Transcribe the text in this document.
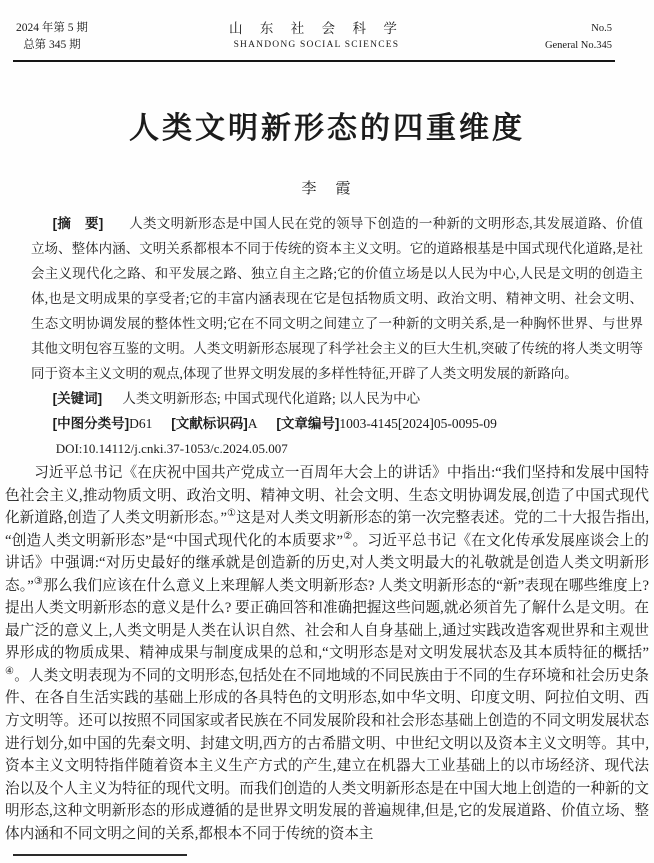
2024 年第 5 期
总第 345 期
山 东 社 会 科 学
SHANDONG SOCIAL SCIENCES
No.5
General No.345
人类文明新形态的四重维度
李　霞

[摘　要] 人类文明新形态是中国人民在党的领导下创造的一种新的文明形态,其发展道路、价值立场、整体内涵、文明关系都根本不同于传统的资本主义文明。它的道路根基是中国式现代化道路,是社会主义现代化之路、和平发展之路、独立自主之路;它的价值立场是以人民为中心,人民是文明的创造主体,也是文明成果的享受者;它的丰富内涵表现在它是包括物质文明、政治文明、精神文明、社会文明、生态文明协调发展的整体性文明;它在不同文明之间建立了一种新的文明关系,是一种胸怀世界、与世界其他文明包容互鉴的文明。人类文明新形态展现了科学社会主义的巨大生机,突破了传统的将人类文明等同于资本主义文明的观点,体现了世界文明发展的多样性特征,开辟了人类文明发展的新路向。

[关键词] 人类文明新形态; 中国式现代化道路; 以人民为中心

[中图分类号]D61 [文献标识码]A [文章编号]1003-4145[2024]05-0095-09

DOI:10.14112/j.cnki.37-1053/c.2024.05.007

习近平总书记《在庆祝中国共产党成立一百周年大会上的讲话》中指出:“我们坚持和发展中国特色社会主义,推动物质文明、政治文明、精神文明、社会文明、生态文明协调发展,创造了中国式现代化新道路,创造了人类文明新形态。”①这是对人类文明新形态的第一次完整表述。党的二十大报告指出,“创造人类文明新形态”是“中国式现代化的本质要求”②。习近平总书记《在文化传承发展座谈会上的讲话》中强调:“对历史最好的继承就是创造新的历史,对人类文明最大的礼敬就是创造人类文明新形态。”③那么我们应该在什么意义上来理解人类文明新形态? 人类文明新形态的“新”表现在哪些维度上? 提出人类文明新形态的意义是什么? 要正确回答和准确把握这些问题,就必须首先了解什么是文明。在最广泛的意义上,人类文明是人类在认识自然、社会和人自身基础上,通过实践改造客观世界和主观世界形成的物质成果、精神成果与制度成果的总和,“文明形态是对文明发展状态及其本质特征的概括”④。人类文明表现为不同的文明形态,包括处在不同地域的不同民族由于不同的生存环境和社会历史条件、在各自生活实践的基础上形成的各具特色的文明形态,如中华文明、印度文明、阿拉伯文明、西方文明等。还可以按照不同国家或者民族在不同发展阶段和社会形态基础上创造的不同文明发展状态进行划分,如中国的先秦文明、封建文明,西方的古希腊文明、中世纪文明以及资本主义文明等。其中,资本主义文明特指伴随着资本主义生产方式的产生,建立在机器大工业基础上的以市场经济、现代法治以及个人主义为特征的现代文明。而我们创造的人类文明新形态是在中国大地上创造的一种新的文明形态,这种文明新形态的形成遵循的是世界文明发展的普遍规律,但是,它的发展道路、价值立场、整体内涵和不同文明之间的关系,都根本不同于传统的资本主
